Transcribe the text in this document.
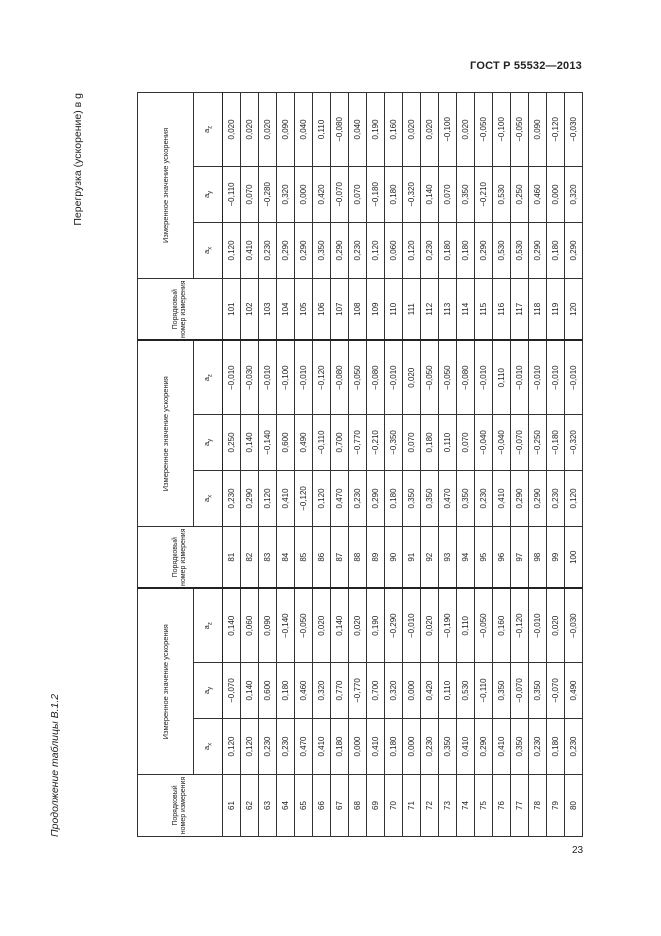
ГОСТ Р 55532—2013
Продолжение таблицы В.1.2
Перегрузка (ускорение) в g
Порядковый номер измерения	Измеренное значение ускорения			Порядковый номер измерения	Измеренное значение ускорения			Порядковый номер измерения	Измеренное значение ускорения		
	$a_x$	$a_y$	$a_z$		$a_x$	$a_y$	$a_z$		$a_x$	$a_y$	$a_z$
61	0,120	−0,070	0,140	81	0,230	0,250	−0,010	101	0,120	−0,110	0,020
62	0,120	0,140	0,060	82	0,290	0,140	−0,030	102	0,410	0,070	0,020
63	0,230	0,600	0,090	83	0,120	−0,140	−0,010	103	0,230	−0,280	0,020
64	0,230	0,180	−0,140	84	0,410	0,600	−0,100	104	0,290	0,320	0,090
65	0,470	0,460	−0,050	85	−0,120	0,490	−0,010	105	0,290	0,000	0,040
66	0,410	0,320	0,020	86	0,120	−0,110	−0,120	106	0,350	0,420	0,110
67	0,180	0,770	0,140	87	0,470	0,700	−0,080	107	0,290	−0,070	−0,080
68	0,000	−0,770	0,020	88	0,230	−0,770	−0,050	108	0,230	0,070	0,040
69	0,410	0,700	0,190	89	0,290	−0,210	−0,080	109	0,120	−0,180	0,190
70	0,180	0,320	−0,290	90	0,180	−0,350	−0,010	110	0,060	0,180	0,160
71	0,000	0,000	−0,010	91	0,350	0,070	0,020	111	0,120	−0,320	0,020
72	0,230	0,420	0,020	92	0,350	0,180	−0,050	112	0,230	0,140	0,020
73	0,350	0,110	−0,190	93	0,470	0,110	−0,050	113	0,180	0,070	−0,100
74	0,410	0,530	0,110	94	0,350	0,070	−0,080	114	0,180	0,350	0,020
75	0,290	−0,110	−0,050	95	0,230	−0,040	−0,010	115	0,290	−0,210	−0,050
76	0,410	0,350	0,160	96	0,410	−0,040	0,110	116	0,530	0,530	−0,100
77	0,350	−0,070	−0,120	97	0,290	−0,070	−0,010	117	0,530	0,250	−0,050
78	0,230	0,350	−0,010	98	0,290	−0,250	−0,010	118	0,290	0,460	0,090
79	0,180	−0,070	0,020	99	0,230	−0,180	−0,010	119	0,180	0,000	−0,120
80	0,230	0,490	−0,030	100	0,120	−0,320	−0,010	120	0,290	0,320	−0,030
23
